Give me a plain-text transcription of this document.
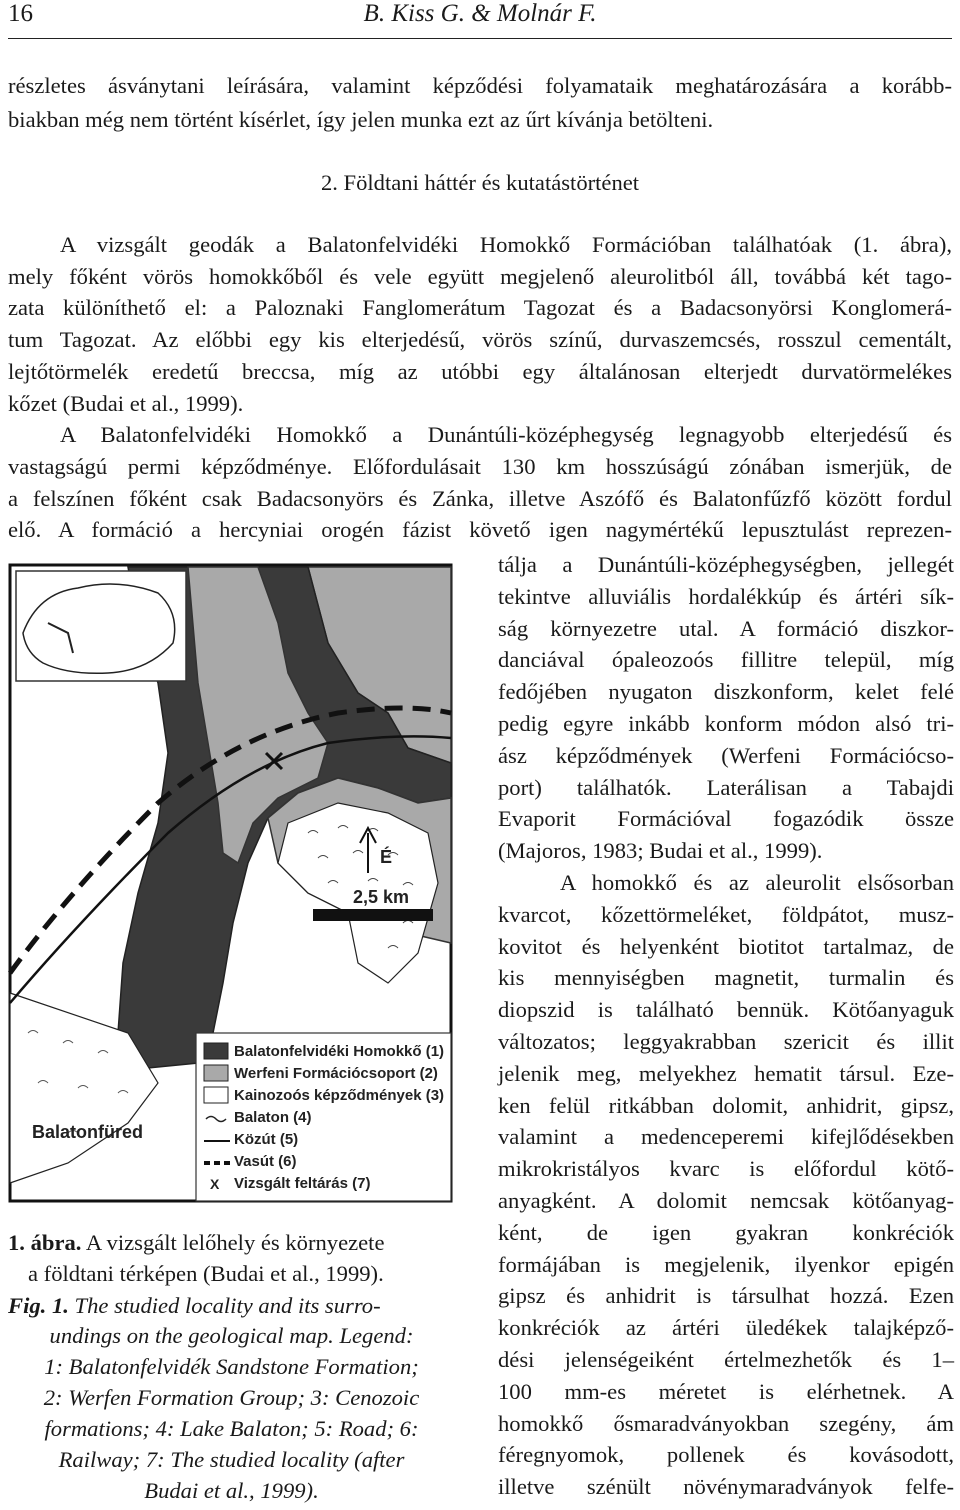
16	B. Kiss G. & Molnár F.
részletes ásványtani leírására, valamint képződési folyamataik meghatározására a korább-
biakban még nem történt kísérlet, így jelen munka ezt az űrt kívánja betölteni.
2. Földtani háttér és kutatástörténet
A vizsgált geodák a Balatonfelvidéki Homokkő Formációban találhatóak (1. ábra),
mely főként vörös homokkőből és vele együtt megjelenő aleurolitból áll, továbbá két tago-
zata különíthető el: a Paloznaki Fanglomerátum Tagozat és a Badacsonyörsi Konglomerá-
tum Tagozat. Az előbbi egy kis elterjedésű, vörös színű, durvaszemcsés, rosszul cementált,
lejtőtörmelék eredetű breccsa, míg az utóbbi egy általánosan elterjedt durvatörmelékes
kőzet (Budai et al., 1999).
A Balatonfelvidéki Homokkő a Dunántúli-középhegység legnagyobb elterjedésű és
vastagságú permi képződménye. Előfordulásait 130 km hosszúságú zónában ismerjük, de
a felszínen főként csak Badacsonyörs és Zánka, illetve Aszófő és Balatonfűzfő között fordul
elő. A formáció a hercyniai orogén fázist követő igen nagymértékű lepusztulást reprezen-
tálja a Dunántúli-középhegységben, jellegét
tekintve alluviális hordalékkúp és ártéri sík-
ság környezetre utal. A formáció diszkor-
danciával ópaleozoós fillitre települ, míg
fedőjében nyugaton diszkonform, kelet felé
pedig egyre inkább konform módon alsó tri-
ász képződmények (Werfeni Formációcso-
port) találhatók. Laterálisan a Tabajdi
Evaporit Formációval fogazódik össze
(Majoros, 1983; Budai et al., 1999).
A homokkő és az aleurolit elsősorban
kvarcot, kőzettörmeléket, földpátot, musz-
kovitot és helyenként biotitot tartalmaz, de
kis mennyiségben magnetit, turmalin és
diopszid is található bennük. Kötőanyaguk
változatos; leggyakrabban szericit és illit
jelenik meg, melyekhez hematit társul. Eze-
ken felül ritkábban dolomit, anhidrit, gipsz,
valamint a medenceperemi kifejlődésekben
mikrokristályos kvarc is előfordul kötő-
anyagként. A dolomit nemcsak kötőanyag-
ként, de igen gyakran konkréciók
formájában is megjelenik, ilyenkor epigén
gipsz és anhidrit is társulhat hozzá. Ezen
konkréciók az ártéri üledékek talajképző-
dési jelenségeiként értelmezhetők és 1–
100 mm-es méretet is elérhetnek. A
homokkő ősmaradványokban szegény, ám
féregnyomok, pollenek és kovásodott,
illetve szénült növénymaradványok felfe-
É
2,5 km
X
Balatonfelvidéki Homokkő (1)
Werfeni Formációcsoport (2)
Kainozoós képződmények (3)
Balaton (4)
Közút (5)
Vasút (6)
Vizsgált feltárás (7)
Balatonfüred
1. ábra. A vizsgált lelőhely és környezete
a földtani térképen (Budai et al., 1999).
Fig. 1. The studied locality and its surro-
undings on the geological map. Legend:
1: Balatonfelvidék Sandstone Formation;
2: Werfen Formation Group; 3: Cenozoic
formations; 4: Lake Balaton; 5: Road; 6:
Railway; 7: The studied locality (after
Budai et al., 1999).
